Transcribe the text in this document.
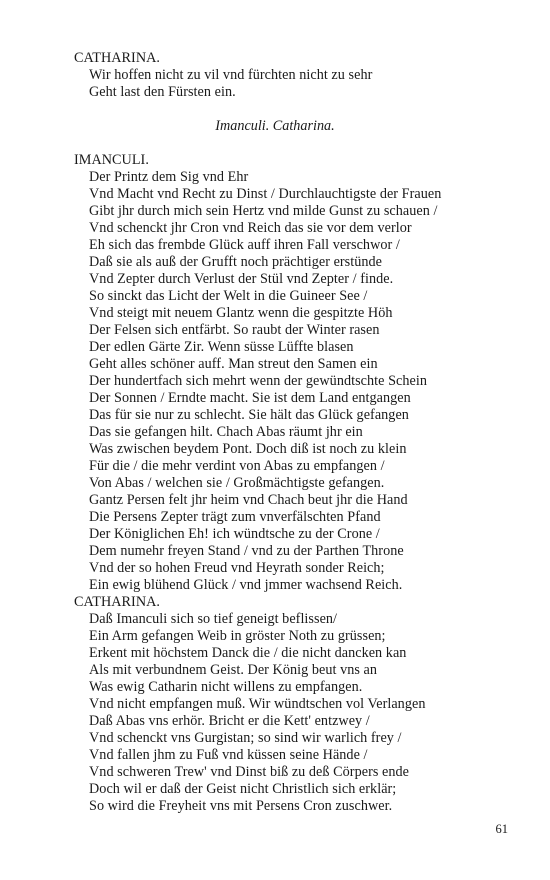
CATHARINA.
Wir hoffen nicht zu vil vnd fürchten nicht zu sehr
Geht last den Fürsten ein.
Imanculi. Catharina.
IMANCULI.
Der Printz dem Sig vnd Ehr
Vnd Macht vnd Recht zu Dinst / Durchlauchtigste der Frauen
Gibt jhr durch mich sein Hertz vnd milde Gunst zu schauen /
Vnd schenckt jhr Cron vnd Reich das sie vor dem verlor
Eh sich das frembde Glück auff ihren Fall verschwor /
Daß sie als auß der Grufft noch prächtiger erstünde
Vnd Zepter durch Verlust der Stül vnd Zepter / finde.
So sinckt das Licht der Welt in die Guineer See /
Vnd steigt mit neuem Glantz wenn die gespitzte Höh
Der Felsen sich entfärbt. So raubt der Winter rasen
Der edlen Gärte Zir. Wenn süsse Lüffte blasen
Geht alles schöner auff. Man streut den Samen ein
Der hundertfach sich mehrt wenn der gewündtschte Schein
Der Sonnen / Erndte macht. Sie ist dem Land entgangen
Das für sie nur zu schlecht. Sie hält das Glück gefangen
Das sie gefangen hilt. Chach Abas räumt jhr ein
Was zwischen beydem Pont. Doch diß ist noch zu klein
Für die / die mehr verdint von Abas zu empfangen /
Von Abas / welchen sie / Großmächtigste gefangen.
Gantz Persen felt jhr heim vnd Chach beut jhr die Hand
Die Persens Zepter trägt zum vnverfälschten Pfand
Der Königlichen Eh! ich wündtsche zu der Crone /
Dem numehr freyen Stand / vnd zu der Parthen Throne
Vnd der so hohen Freud vnd Heyrath sonder Reich;
Ein ewig blühend Glück / vnd jmmer wachsend Reich.
CATHARINA.
Daß Imanculi sich so tief geneigt beflissen/
Ein Arm gefangen Weib in gröster Noth zu grüssen;
Erkent mit höchstem Danck die / die nicht dancken kan
Als mit verbundnem Geist. Der König beut vns an
Was ewig Catharin nicht willens zu empfangen.
Vnd nicht empfangen muß. Wir wündtschen vol Verlangen
Daß Abas vns erhör. Bricht er die Kett' entzwey /
Vnd schenckt vns Gurgistan; so sind wir warlich frey /
Vnd fallen jhm zu Fuß vnd küssen seine Hände /
Vnd schweren Trew' vnd Dinst biß zu deß Cörpers ende
Doch wil er daß der Geist nicht Christlich sich erklär;
So wird die Freyheit vns mit Persens Cron zuschwer.
61
